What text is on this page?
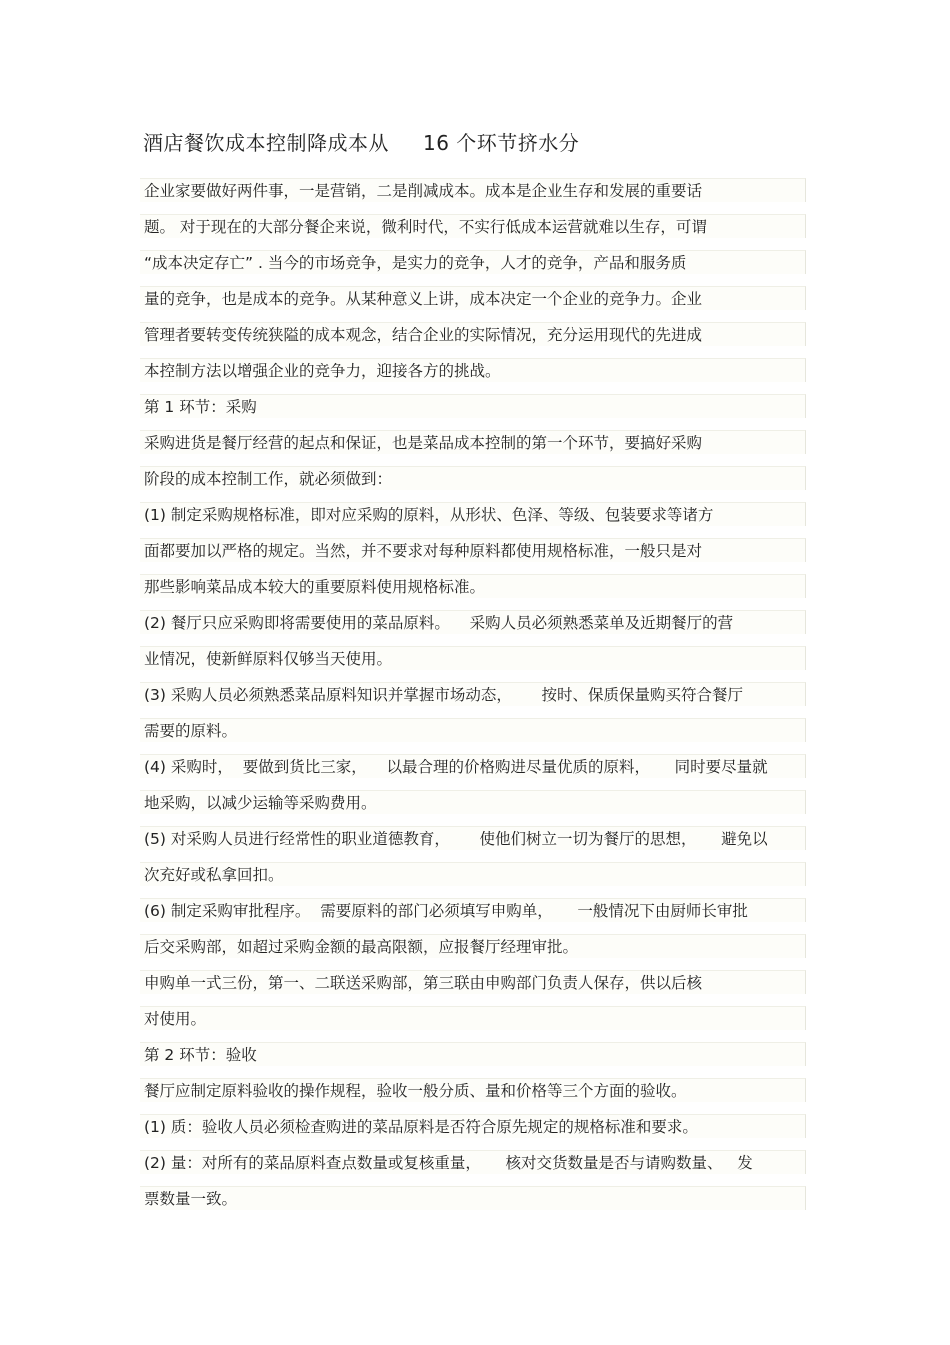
酒店餐饮成本控制降成本从 16 个环节挤水分
企业家要做好两件事，一是营销，二是削减成本。成本是企业生存和发展的重要话
题。 对于现在的大部分餐企来说，微利时代，不实行低成本运营就难以生存，可谓
“成本决定存亡” . 当今的市场竞争，是实力的竞争，人才的竞争，产品和服务质
量的竞争，也是成本的竞争。从某种意义上讲，成本决定一个企业的竞争力。企业
管理者要转变传统狭隘的成本观念，结合企业的实际情况，充分运用现代的先进成
本控制方法以增强企业的竞争力，迎接各方的挑战。
第 1 环节：采购
采购进货是餐厅经营的起点和保证，也是菜品成本控制的第一个环节，要搞好采购
阶段的成本控制工作，就必须做到：
(1) 制定采购规格标准，即对应采购的原料，从形状、色泽、等级、包装要求等诸方
面都要加以严格的规定。当然，并不要求对每种原料都使用规格标准，一般只是对
那些影响菜品成本较大的重要原料使用规格标准。
(2) 餐厅只应采购即将需要使用的菜品原料。    采购人员必须熟悉菜单及近期餐厅的营
业情况，使新鲜原料仅够当天使用。
(3) 采购人员必须熟悉菜品原料知识并掌握市场动态，      按时、保质保量购买符合餐厅
需要的原料。
(4) 采购时，  要做到货比三家，    以最合理的价格购进尽量优质的原料，     同时要尽量就
地采购，以减少运输等采购费用。
(5) 对采购人员进行经常性的职业道德教育，      使他们树立一切为餐厅的思想，     避免以
次充好或私拿回扣。
(6) 制定采购审批程序。  需要原料的部门必须填写申购单，     一般情况下由厨师长审批
后交采购部，如超过采购金额的最高限额，应报餐厅经理审批。
申购单一式三份，第一、二联送采购部，第三联由申购部门负责人保存，供以后核
对使用。
第 2 环节：验收
餐厅应制定原料验收的操作规程，验收一般分质、量和价格等三个方面的验收。
(1) 质：验收人员必须检查购进的菜品原料是否符合原先规定的规格标准和要求。
(2) 量：对所有的菜品原料查点数量或复核重量，     核对交货数量是否与请购数量、   发
票数量一致。
